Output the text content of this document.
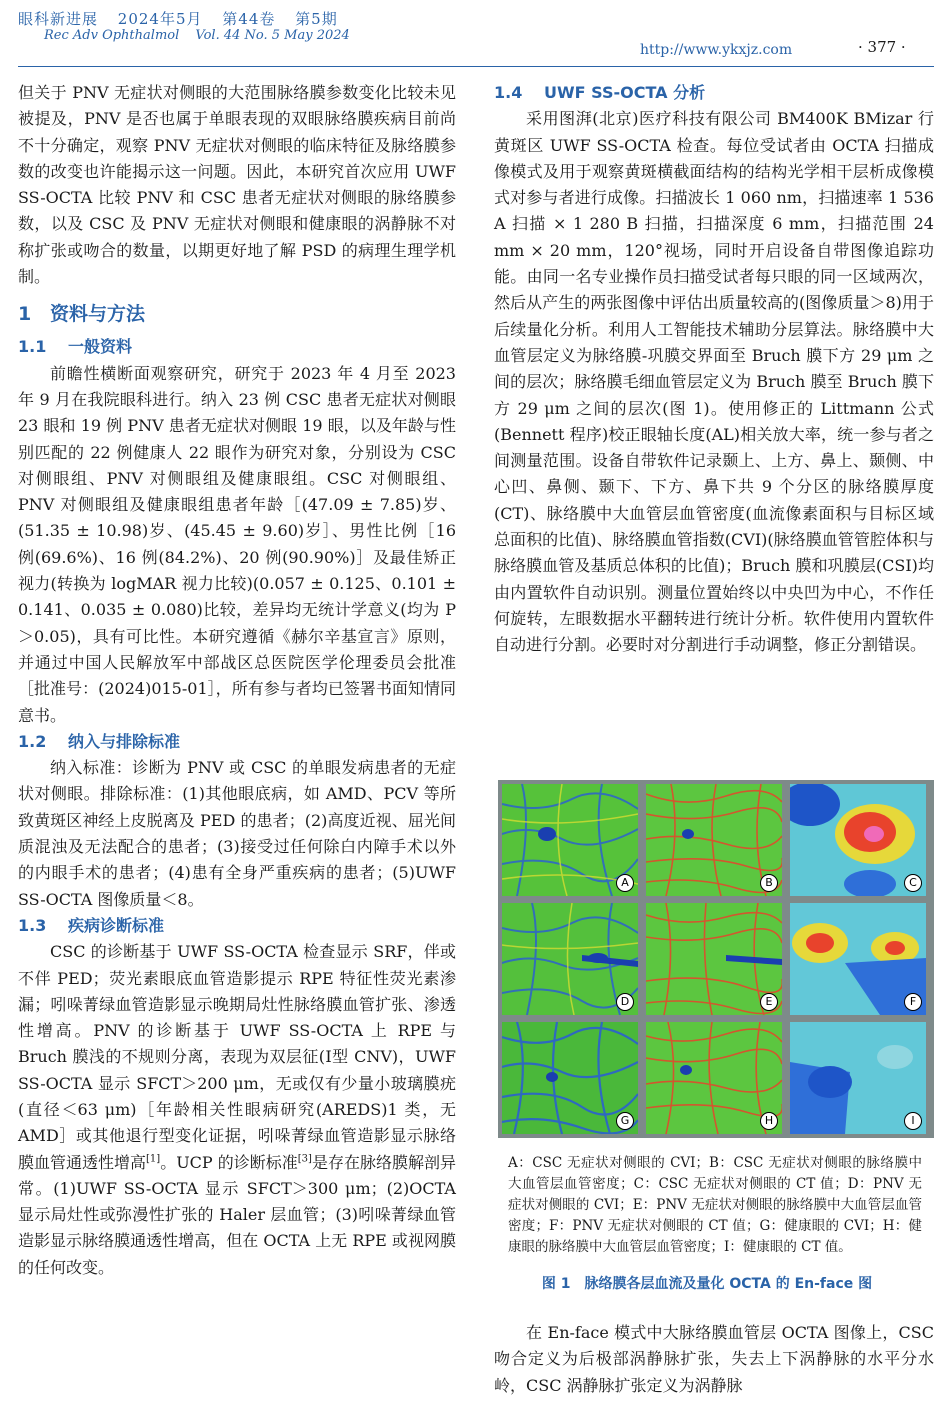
眼科新进展 2024年5月 第44卷 第5期
Rec Adv Ophthalmol Vol. 44 No. 5 May 2024
http://www.ykxjz.com	· 377 ·

但关于 PNV 无症状对侧眼的大范围脉络膜参数变化比较未见被提及，PNV 是否也属于单眼表现的双眼脉络膜疾病目前尚不十分确定，观察 PNV 无症状对侧眼的临床特征及脉络膜参数的改变也许能揭示这一问题。因此，本研究首次应用 UWF SS-OCTA 比较 PNV 和 CSC 患者无症状对侧眼的脉络膜参数，以及 CSC 及 PNV 无症状对侧眼和健康眼的涡静脉不对称扩张或吻合的数量，以期更好地了解 PSD 的病理生理学机制。

1 资料与方法
1.1 一般资料

前瞻性横断面观察研究，研究于 2023 年 4 月至 2023 年 9 月在我院眼科进行。纳入 23 例 CSC 患者无症状对侧眼 23 眼和 19 例 PNV 患者无症状对侧眼 19 眼，以及年龄与性别匹配的 22 例健康人 22 眼作为研究对象，分别设为 CSC 对侧眼组、PNV 对侧眼组及健康眼组。CSC 对侧眼组、PNV 对侧眼组及健康眼组患者年龄［(47.09 ± 7.85)岁、(51.35 ± 10.98)岁、(45.45 ± 9.60)岁］、男性比例［16 例(69.6%)、16 例(84.2%)、20 例(90.90%)］及最佳矫正视力(转换为 logMAR 视力比较)(0.057 ± 0.125、0.101 ± 0.141、0.035 ± 0.080)比较，差异均无统计学意义(均为 P＞0.05)，具有可比性。本研究遵循《赫尔辛基宣言》原则，并通过中国人民解放军中部战区总医院医学伦理委员会批准［批准号：(2024)015-01］，所有参与者均已签署书面知情同意书。

1.2 纳入与排除标准

纳入标准：诊断为 PNV 或 CSC 的单眼发病患者的无症状对侧眼。排除标准：(1)其他眼底病，如 AMD、PCV 等所致黄斑区神经上皮脱离及 PED 的患者；(2)高度近视、屈光间质混浊及无法配合的患者；(3)接受过任何除白内障手术以外的内眼手术的患者；(4)患有全身严重疾病的患者；(5)UWF SS-OCTA 图像质量＜8。

1.3 疾病诊断标准

CSC 的诊断基于 UWF SS-OCTA 检查显示 SRF，伴或不伴 PED；荧光素眼底血管造影提示 RPE 特征性荧光素渗漏；吲哚菁绿血管造影显示晚期局灶性脉络膜血管扩张、渗透性增高。PNV 的诊断基于 UWF SS-OCTA 上 RPE 与 Bruch 膜浅的不规则分离，表现为双层征(Ⅰ型 CNV)，UWF SS-OCTA 显示 SFCT＞200 μm，无或仅有少量小玻璃膜疣(直径＜63 μm)［年龄相关性眼病研究(AREDS)1 类，无 AMD］或其他退行型变化证据，吲哚菁绿血管造影显示脉络膜血管通透性增高[1]。UCP 的诊断标准[3]是存在脉络膜解剖异常。(1)UWF SS-OCTA 显示 SFCT＞300 μm；(2)OCTA 显示局灶性或弥漫性扩张的 Haler 层血管；(3)吲哚菁绿血管造影显示脉络膜通透性增高，但在 OCTA 上无 RPE 或视网膜的任何改变。

1.4 UWF SS-OCTA 分析

采用图湃(北京)医疗科技有限公司 BM400K BMizar 行黄斑区 UWF SS-OCTA 检查。每位受试者由 OCTA 扫描成像模式及用于观察黄斑横截面结构的结构光学相干层析成像模式对参与者进行成像。扫描波长 1 060 nm，扫描速率 1 536 A 扫描 × 1 280 B 扫描，扫描深度 6 mm，扫描范围 24 mm × 20 mm，120°视场，同时开启设备自带图像追踪功能。由同一名专业操作员扫描受试者每只眼的同一区域两次，然后从产生的两张图像中评估出质量较高的(图像质量＞8)用于后续量化分析。利用人工智能技术辅助分层算法。脉络膜中大血管层定义为脉络膜-巩膜交界面至 Bruch 膜下方 29 μm 之间的层次；脉络膜毛细血管层定义为 Bruch 膜至 Bruch 膜下方 29 μm 之间的层次(图 1)。使用修正的 Littmann 公式(Bennett 程序)校正眼轴长度(AL)相关放大率，统一参与者之间测量范围。设备自带软件记录颞上、上方、鼻上、颞侧、中心凹、鼻侧、颞下、下方、鼻下共 9 个分区的脉络膜厚度(CT)、脉络膜中大血管层血管密度(血流像素面积与目标区域总面积的比值)、脉络膜血管指数(CVI)(脉络膜血管管腔体积与脉络膜血管及基质总体积的比值)；Bruch 膜和巩膜层(CSI)均由内置软件自动识别。测量位置始终以中央凹为中心，不作任何旋转，左眼数据水平翻转进行统计分析。软件使用内置软件自动进行分割。必要时对分割进行手动调整，修正分割错误。

A	B	C
D	E	F
G	H	I
A：CSC 无症状对侧眼的 CVI；B：CSC 无症状对侧眼的脉络膜中大血管层血管密度；C：CSC 无症状对侧眼的 CT 值；D：PNV 无症状对侧眼的 CVI；E：PNV 无症状对侧眼的脉络膜中大血管层血管密度；F：PNV 无症状对侧眼的 CT 值；G：健康眼的 CVI；H：健康眼的脉络膜中大血管层血管密度；I：健康眼的 CT 值。
图 1 脉络膜各层血流及量化 OCTA 的 En-face 图

在 En-face 模式中大脉络膜血管层 OCTA 图像上，CSC 吻合定义为后极部涡静脉扩张，失去上下涡静脉的水平分水岭，CSC 涡静脉扩张定义为涡静脉
